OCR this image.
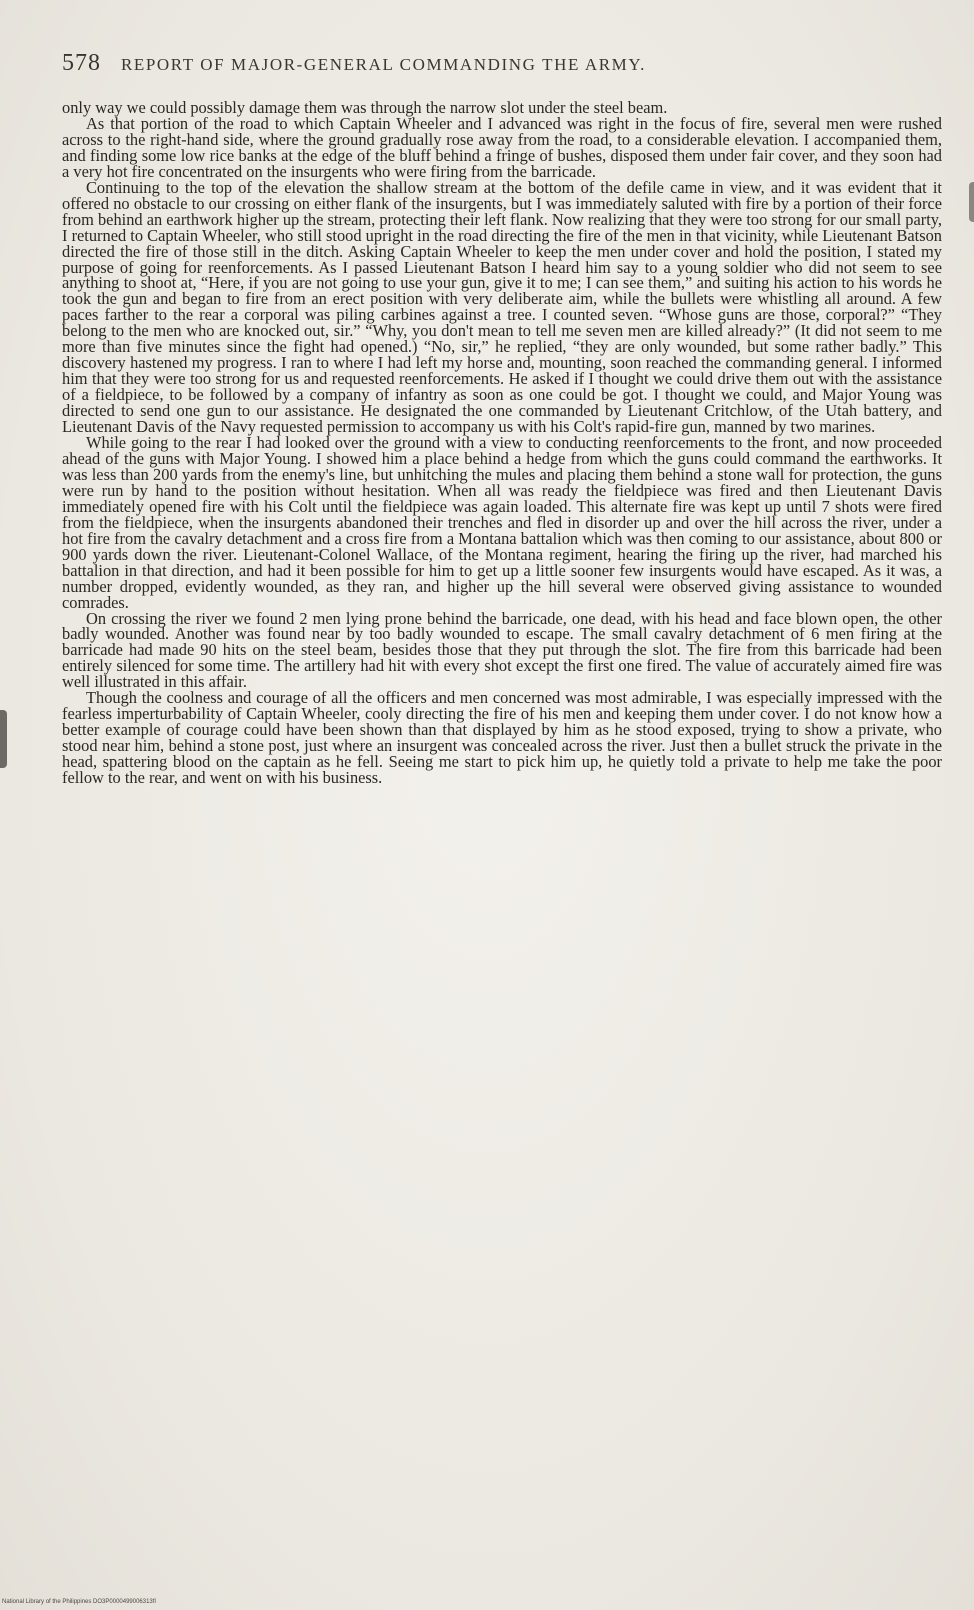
578 REPORT OF MAJOR-GENERAL COMMANDING THE ARMY.

only way we could possibly damage them was through the narrow slot under the steel beam.

As that portion of the road to which Captain Wheeler and I advanced was right in the focus of fire, several men were rushed across to the right-hand side, where the ground gradually rose away from the road, to a considerable elevation. I accompanied them, and finding some low rice banks at the edge of the bluff behind a fringe of bushes, disposed them under fair cover, and they soon had a very hot fire concentrated on the insurgents who were firing from the barricade.

Continuing to the top of the elevation the shallow stream at the bottom of the defile came in view, and it was evident that it offered no obstacle to our crossing on either flank of the insurgents, but I was immediately saluted with fire by a portion of their force from behind an earthwork higher up the stream, protecting their left flank. Now realizing that they were too strong for our small party, I returned to Captain Wheeler, who still stood upright in the road directing the fire of the men in that vicinity, while Lieutenant Batson directed the fire of those still in the ditch. Asking Captain Wheeler to keep the men under cover and hold the position, I stated my purpose of going for reenforcements. As I passed Lieutenant Batson I heard him say to a young soldier who did not seem to see anything to shoot at, “Here, if you are not going to use your gun, give it to me; I can see them,” and suiting his action to his words he took the gun and began to fire from an erect position with very deliberate aim, while the bullets were whistling all around. A few paces farther to the rear a corporal was piling carbines against a tree. I counted seven. “Whose guns are those, corporal?” “They belong to the men who are knocked out, sir.” “Why, you don't mean to tell me seven men are killed already?” (It did not seem to me more than five minutes since the fight had opened.) “No, sir,” he replied, “they are only wounded, but some rather badly.” This discovery hastened my progress. I ran to where I had left my horse and, mounting, soon reached the commanding general. I informed him that they were too strong for us and requested reenforcements. He asked if I thought we could drive them out with the assistance of a fieldpiece, to be followed by a company of infantry as soon as one could be got. I thought we could, and Major Young was directed to send one gun to our assistance. He designated the one commanded by Lieutenant Critchlow, of the Utah battery, and Lieutenant Davis of the Navy requested permission to accompany us with his Colt's rapid-fire gun, manned by two marines.

While going to the rear I had looked over the ground with a view to conducting reenforcements to the front, and now proceeded ahead of the guns with Major Young. I showed him a place behind a hedge from which the guns could command the earthworks. It was less than 200 yards from the enemy's line, but unhitching the mules and placing them behind a stone wall for protection, the guns were run by hand to the position without hesitation. When all was ready the fieldpiece was fired and then Lieutenant Davis immediately opened fire with his Colt until the fieldpiece was again loaded. This alternate fire was kept up until 7 shots were fired from the fieldpiece, when the insurgents abandoned their trenches and fled in disorder up and over the hill across the river, under a hot fire from the cavalry detachment and a cross fire from a Montana battalion which was then coming to our assistance, about 800 or 900 yards down the river. Lieutenant-Colonel Wallace, of the Montana regiment, hearing the firing up the river, had marched his battalion in that direction, and had it been possible for him to get up a little sooner few insurgents would have escaped. As it was, a number dropped, evidently wounded, as they ran, and higher up the hill several were observed giving assistance to wounded comrades.

On crossing the river we found 2 men lying prone behind the barricade, one dead, with his head and face blown open, the other badly wounded. Another was found near by too badly wounded to escape. The small cavalry detachment of 6 men firing at the barricade had made 90 hits on the steel beam, besides those that they put through the slot. The fire from this barricade had been entirely silenced for some time. The artillery had hit with every shot except the first one fired. The value of accurately aimed fire was well illustrated in this affair.

Though the coolness and courage of all the officers and men concerned was most admirable, I was especially impressed with the fearless imperturbability of Captain Wheeler, cooly directing the fire of his men and keeping them under cover. I do not know how a better example of courage could have been shown than that displayed by him as he stood exposed, trying to show a private, who stood near him, behind a stone post, just where an insurgent was concealed across the river. Just then a bullet struck the private in the head, spattering blood on the captain as he fell. Seeing me start to pick him up, he quietly told a private to help me take the poor fellow to the rear, and went on with his business.

National Library of the Philippines DO3P0000499006313fl
